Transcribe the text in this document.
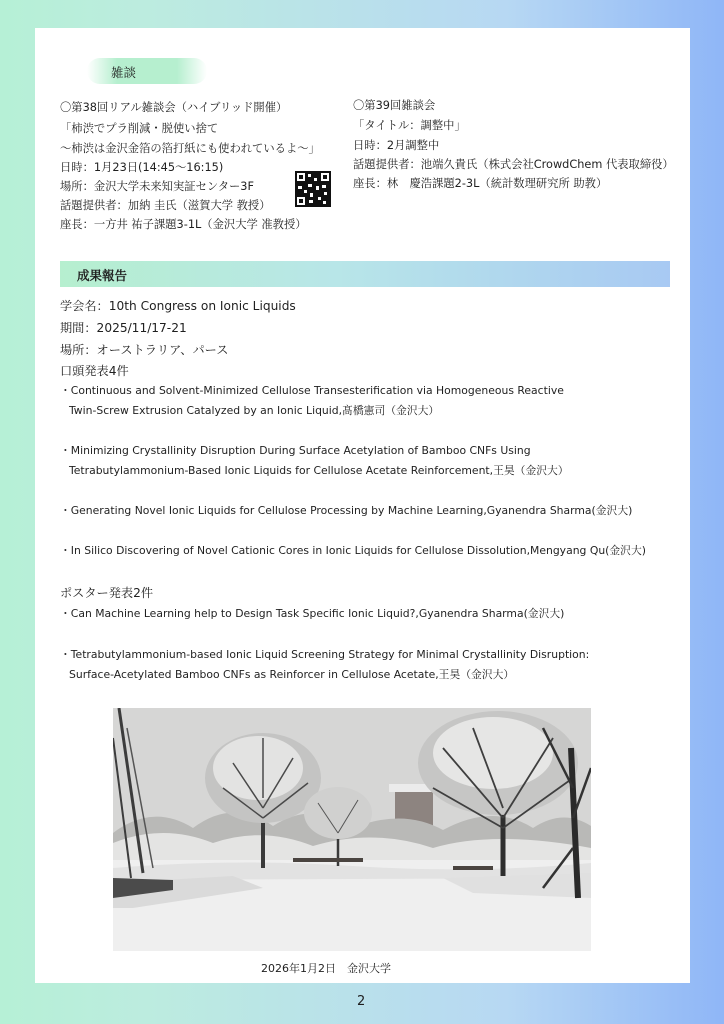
雑談
〇第38回リアル雑談会（ハイブリッド開催）
「柿渋でプラ削減・脱使い捨て
〜柿渋は金沢金箔の箔打紙にも使われているよ〜」
日時：1月23日(14:45〜16:15)
場所：金沢大学未来知実証センター3F
話題提供者：加納 圭氏（滋賀大学 教授）
座長：一方井 祐子課題3-1L（金沢大学 准教授）
〇第39回雑談会
「タイトル：調整中」
日時：2月調整中
話題提供者：池端久貴氏（株式会社CrowdChem 代表取締役）
座長：林　慶浩課題2-3L（統計数理研究所 助教）
成果報告
学会名：10th Congress on Ionic Liquids
期間：2025/11/17-21
場所：オーストラリア、パース
口頭発表4件
・Continuous and Solvent-Minimized Cellulose Transesterification via Homogeneous Reactive
Twin-Screw Extrusion Catalyzed by an Ionic Liquid,髙橋憲司（金沢大）
・Minimizing Crystallinity Disruption During Surface Acetylation of Bamboo CNFs Using
Tetrabutylammonium-Based Ionic Liquids for Cellulose Acetate Reinforcement,王昊（金沢大）
・Generating Novel Ionic Liquids for Cellulose Processing by Machine Learning,Gyanendra Sharma(金沢大)
・In Silico Discovering of Novel Cationic Cores in Ionic Liquids for Cellulose Dissolution,Mengyang Qu(金沢大)
ポスター発表2件
・Can Machine Learning help to Design Task Specific Ionic Liquid?,Gyanendra Sharma(金沢大)
・Tetrabutylammonium-based Ionic Liquid Screening Strategy for Minimal Crystallinity Disruption:
Surface-Acetylated Bamboo CNFs as Reinforcer in Cellulose Acetate,王昊（金沢大）
2026年1月2日　金沢大学
2
